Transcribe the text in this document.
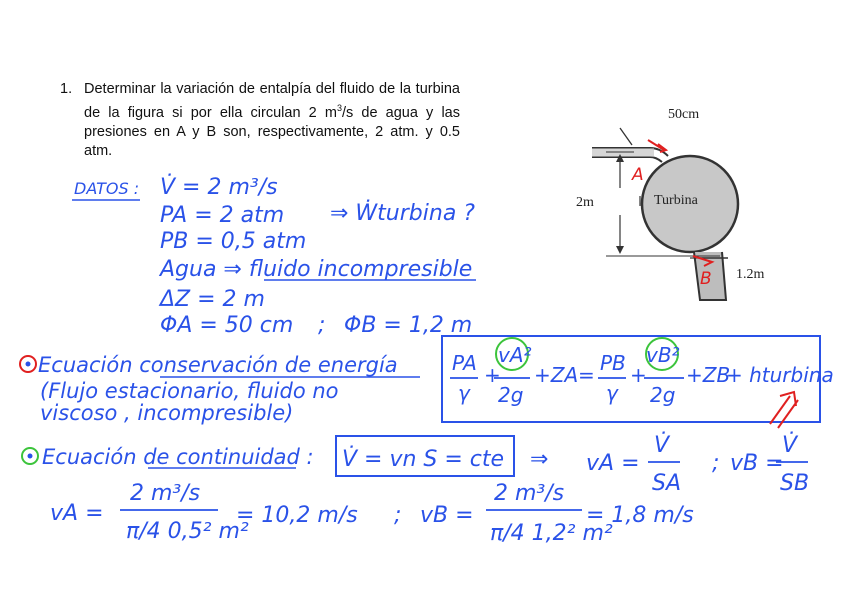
1. Determinar la variación de entalpía del fluido de la turbina de la figura si por ella circulan 2 $m^3/s$ de agua y las presiones en A y B son, respectivamente, 2 atm. y 0.5 atm.
50cm
2m	Turbina
1.2m
A
B
DATOS : V̇ = 2 m³/s
PA = 2 atm ⇒ Ẇturbina ?
PB = 0,5 atm
Agua ⇒ fluido incompresible
ΔZ = 2 m
ΦA = 50 cm ; ΦB = 1,2 m
Ecuación conservación de energía
(Flujo estacionario, fluido no
viscoso , incompresible)
PA
γ
+
vA²
2g
+ZA = PB
γ
+
vB²
2g
+ZB
+ hturbina
Ecuación de continuidad : V̇ = vn S = cte ⇒ vA =
V̇
SA
; vB =
V̇
SB
vA =
2 m³/s
π/4 0,5² m²
= 10,2 m/s ; vB =
2 m³/s
π/4 1,2² m²
= 1,8 m/s
